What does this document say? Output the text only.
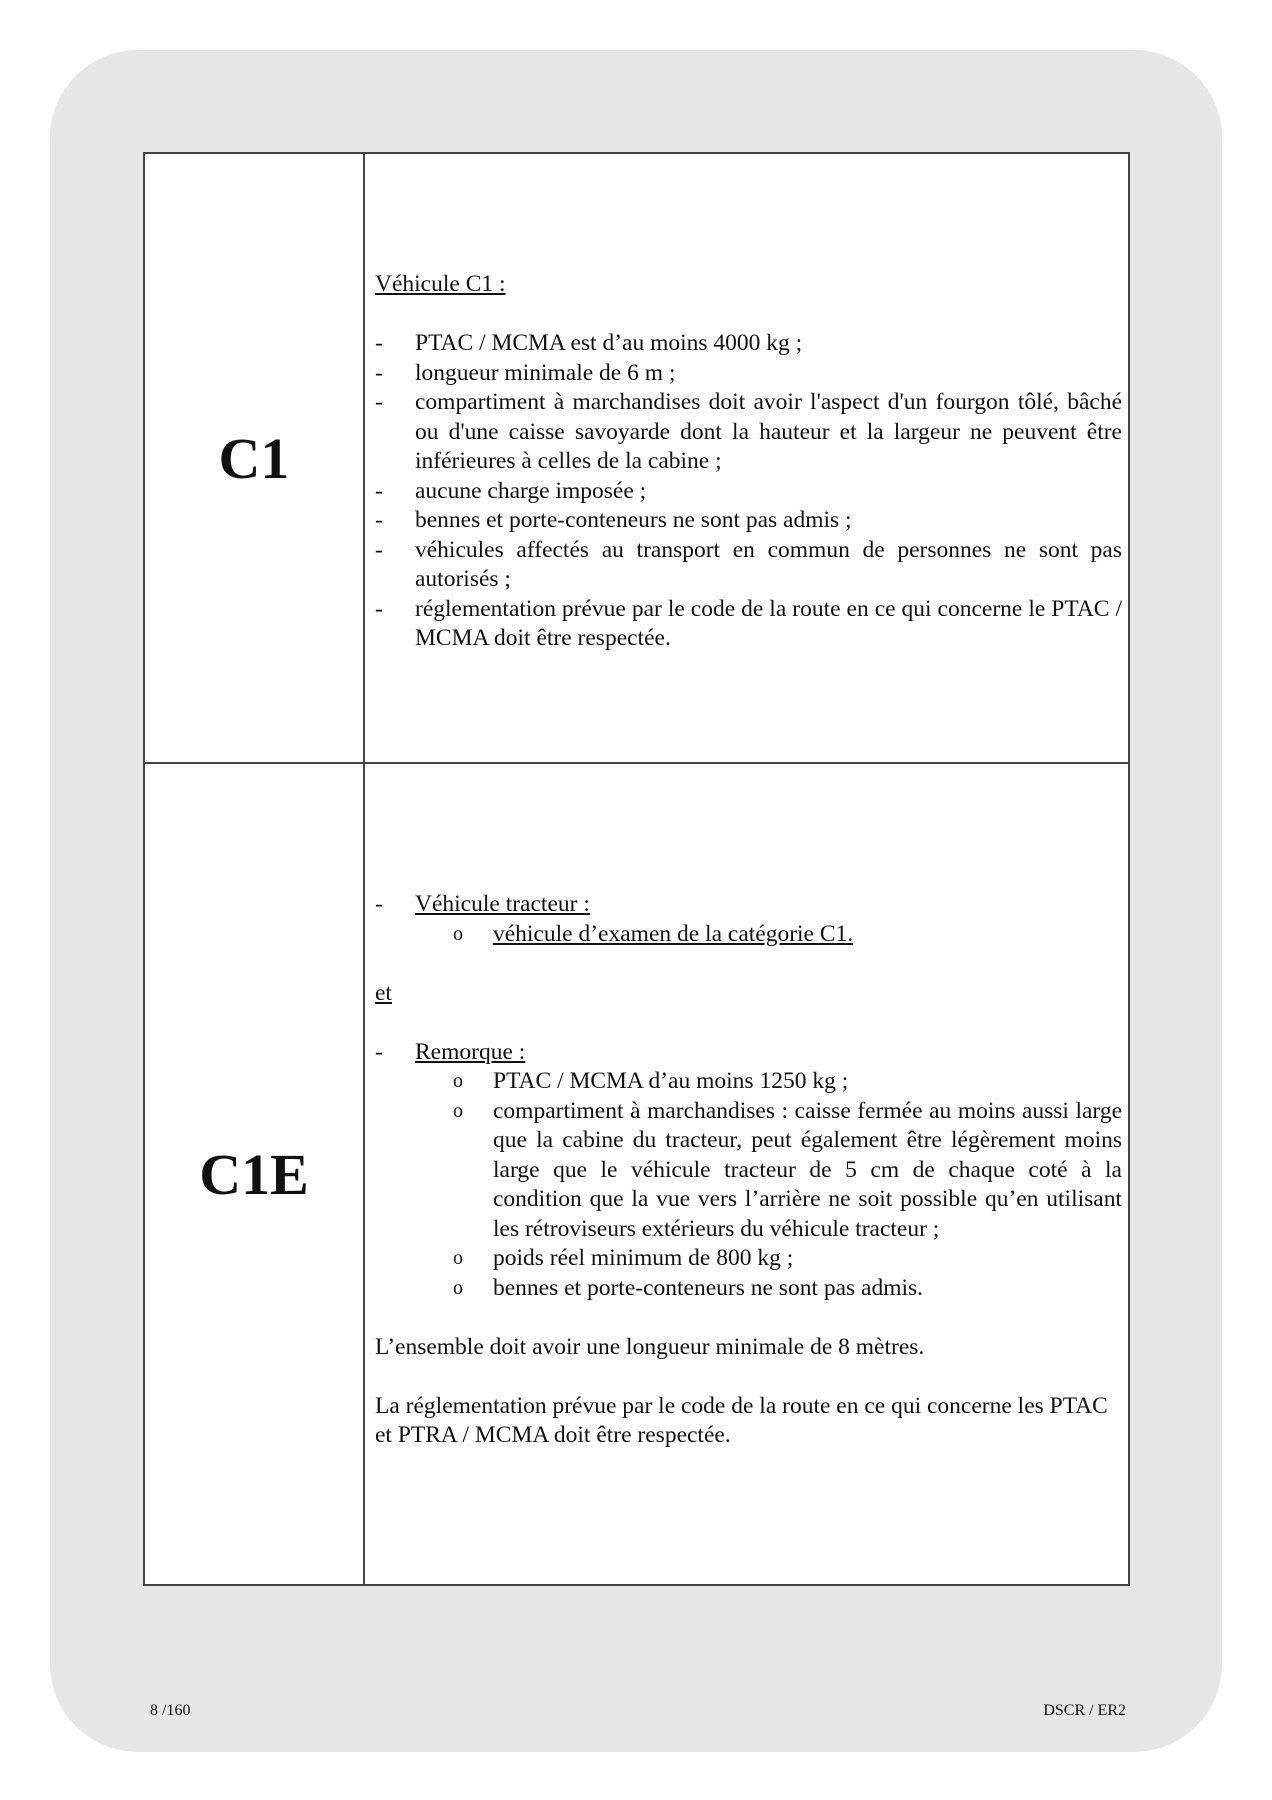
C1

Véhicule C1 :

-	PTAC / MCMA est d’au moins 4000 kg ;
-	longueur minimale de 6 m ;
-	compartiment à marchandises doit avoir l'aspect d'un fourgon tôlé, bâché ou d'une caisse savoyarde dont la hauteur et la largeur ne peuvent être inférieures à celles de la cabine ;
-	aucune charge imposée ;
-	bennes et porte-conteneurs ne sont pas admis ;
-	véhicules affectés au transport en commun de personnes ne sont pas autorisés ;
-	réglementation prévue par le code de la route en ce qui concerne le PTAC / MCMA doit être respectée.
C1E
-	Véhicule tracteur :
o	véhicule d’examen de la catégorie C1.

et

-	Remorque :
o	PTAC / MCMA d’au moins 1250 kg ;
o	compartiment à marchandises : caisse fermée au moins aussi large que la cabine du tracteur, peut également être légèrement moins large que le véhicule tracteur de 5 cm de chaque coté à la condition que la vue vers l’arrière ne soit possible qu’en utilisant les rétroviseurs extérieurs du véhicule tracteur ;
o	poids réel minimum de 800 kg ;
o	bennes et porte-conteneurs ne sont pas admis.

L’ensemble doit avoir une longueur minimale de 8 mètres.

La réglementation prévue par le code de la route en ce qui concerne les PTAC et PTRA / MCMA doit être respectée.

8 /160	DSCR / ER2
